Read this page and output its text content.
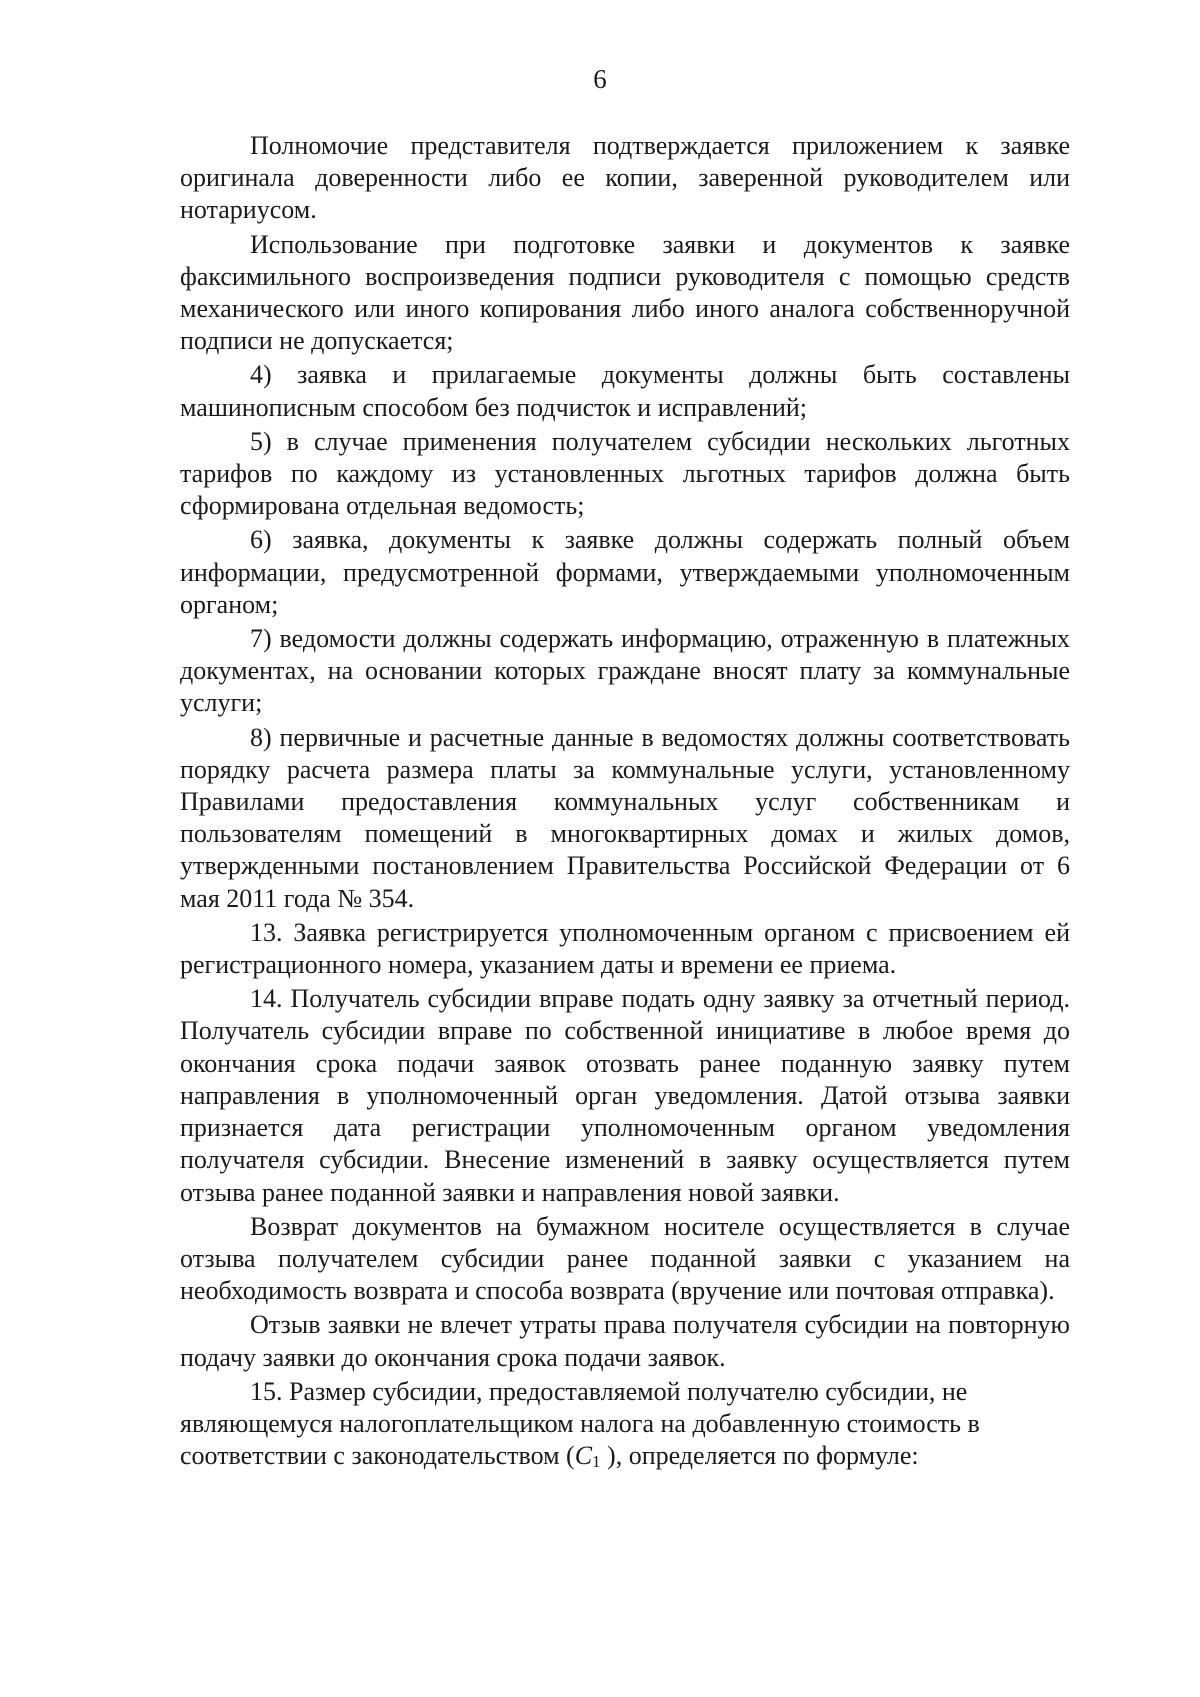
6

Полномочие представителя подтверждается приложением к заявке оригинала доверенности либо ее копии, заверенной руководителем или нотариусом.

Использование при подготовке заявки и документов к заявке факсимильного воспроизведения подписи руководителя с помощью средств механического или иного копирования либо иного аналога собственноручной подписи не допускается;

4) заявка и прилагаемые документы должны быть составлены машинописным способом без подчисток и исправлений;

5) в случае применения получателем субсидии нескольких льготных тарифов по каждому из установленных льготных тарифов должна быть сформирована отдельная ведомость;

6) заявка, документы к заявке должны содержать полный объем информации, предусмотренной формами, утверждаемыми уполномоченным органом;

7) ведомости должны содержать информацию, отраженную в платежных документах, на основании которых граждане вносят плату за коммунальные услуги;

8) первичные и расчетные данные в ведомостях должны соответствовать порядку расчета размера платы за коммунальные услуги, установленному Правилами предоставления коммунальных услуг собственникам и пользователям помещений в многоквартирных домах и жилых домов, утвержденными постановлением Правительства Российской Федерации от 6 мая 2011 года № 354.

13. Заявка регистрируется уполномоченным органом с присвоением ей регистрационного номера, указанием даты и времени ее приема.

14. Получатель субсидии вправе подать одну заявку за отчетный период. Получатель субсидии вправе по собственной инициативе в любое время до окончания срока подачи заявок отозвать ранее поданную заявку путем направления в уполномоченный орган уведомления. Датой отзыва заявки признается дата регистрации уполномоченным органом уведомления получателя субсидии. Внесение изменений в заявку осуществляется путем отзыва ранее поданной заявки и направления новой заявки.

Возврат документов на бумажном носителе осуществляется в случае отзыва получателем субсидии ранее поданной заявки с указанием на необходимость возврата и способа возврата (вручение или почтовая отправка).

Отзыв заявки не влечет утраты права получателя субсидии на повторную подачу заявки до окончания срока подачи заявок.

15. Размер субсидии, предоставляемой получателю субсидии, не являющемуся налогоплательщиком налога на добавленную стоимость в соответствии с законодательством (C1 ), определяется по формуле:
